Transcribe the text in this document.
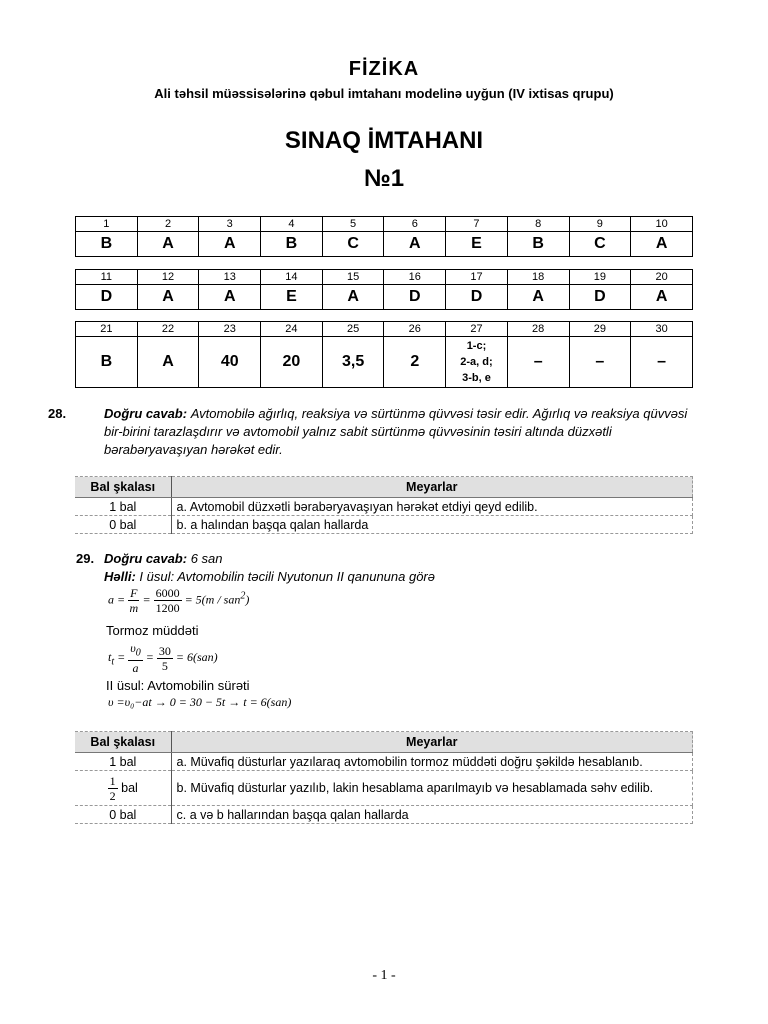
FİZİKA
Ali təhsil müəssisələrinə qəbul imtahanı modelinə uyğun (IV ixtisas qrupu)
SINAQ İMTAHANI
№1
1	2	3	4	5	6	7	8	9	10
B	A	A	B	C	A	E	B	C	A
11	12	13	14	15	16	17	18	19	20
D	A	A	E	A	D	D	A	D	A
21	22	23	24	25	26	27	28	29	30
B	A	40	20	3,5	2	1-c;
2-a, d;
3-b, e	–	–	–
28.	Doğru cavab: Avtomobilə ağırlıq, reaksiya və sürtünmə qüvvəsi təsir edir. Ağırlıq və reaksiya qüvvəsi bir-birini tarazlaşdırır və avtomobil yalnız sabit sürtünmə qüvvəsinin təsiri altında düzxətli bərabəryavaşıyan hərəkət edir.
Bal şkalası	Meyarlar
1 bal	a. Avtomobil düzxətli bərabəryavaşıyan hərəkət etdiyi qeyd edilib.
0 bal	b. a halından başqa qalan hallarda
29. Doğru cavab: 6 san
Həlli: I üsul: Avtomobilin təcili Nyutonun II qanununa görə
$a = \frac{F}{m} = \frac{6000}{1200} = 5(m / san^2)$
Tormoz müddəti
$t_t = \frac{\upsilon_0}{a} = \frac{30}{5} = 6(san)$
II üsul: Avtomobilin sürəti
υ =υ₀−at → 0 = 30 − 5t → t = 6(san)
Bal şkalası	Meyarlar
1 bal	a. Müvafiq düsturlar yazılaraq avtomobilin tormoz müddəti doğru şəkildə hesablanıb.

$\frac{1}{2}$ bal	b. Müvafiq düsturlar yazılıb, lakin hesablama aparılmayıb və hesablamada səhv edilib.
0 bal	c. a və b hallarından başqa qalan hallarda
- 1 -
